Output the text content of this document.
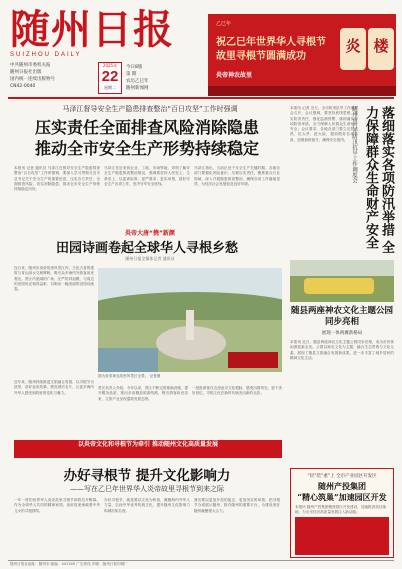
随州日报
SUIZHOU DAILY
中共随州市委机关报
随州日报社出版
国内统一连续出版物号
CN42-0040
2025年
22
星期二
今日8版
第 期
农历乙巳年
随州新闻网
乙巳年
祝乙巳年世界华人寻根节 故里寻根节圆满成功
炎帝神农故里
炎 楼
马泽江督导安全生产隐患排查整治“百日攻坚”工作时强调
压实责任全面排查风险消除隐患
推动全市安全生产形势持续稳定
本报讯 记者 通讯员 马泽江在督导安全生产隐患排查整治“百日攻坚”工作时强调，要深入学习贯彻习近平总书记关于安全生产的重要论述，压实各方责任，全面排查风险，切实消除隐患，推动全市安全生产形势持续稳定向好。
马泽江先后来到企业、工地、市场等地，详细了解安全生产隐患排查整治情况，强调要坚持人民至上、生命至上，以更高标准、更严要求、更实举措，抓好安全生产各项工作，坚决守牢安全底线。
马泽江指出，当前正处于安全生产关键时期，各地各部门要强化风险意识，压紧压实责任，聚焦重点行业领域，深入开展隐患排查整治，确保各项工作落地见效，为经济社会发展营造良好环境。
炎帝大唐“携”新颜
田园诗画卷起全球华人寻根乡愁
随州日报全媒体记者 通讯员
连日来，随州市炎帝故里风景区内，古色古香的建筑与青山绿水交相辉映，吸引众多海内外游客前来观光。景区内宽阔的广场、庄严的拜祖殿，与周边的田园风光相得益彰，勾勒出一幅美丽的田园诗画卷。
图为炎帝神农故里风景区全景。 记者摄
近年来，随州持续推进文旅融合发展，以寻根节为纽带，讲好炎帝故事，擦亮城市名片，让更多海内外华人感受到故里的变化与魅力。
景区负责人介绍，今年以来，景区不断完善基础设施，提升服务品质，推出多条精品旅游线路，吸引游客纷至沓来，文旅产业呈现蓬勃发展态势。
一批批游客在这里追寻文化根脉，感受田园风光，留下美好回忆，寻根文化在新时代焕发出新的光彩。
以炎帝文化和寻根节为牵引 推动随州文化高质量发展
办好寻根节 提升文化影响力
——写在乙巳年世界华人炎帝故里寻根节到来之际
一年一度的世界华人炎帝故里寻根节即将拉开帷幕。作为全球华人共同的精神家园，炎帝故里承载着中华儿女的寻根情结。
办好寻根节，就是要以文化为桥梁，凝聚海内外华人力量，弘扬中华优秀传统文化，提升随州文化影响力和城市知名度。
我们要以更加开放的姿态、更加务实的举措，把寻根节办成展示随州、推介随州的重要平台，为建设美好随州凝聚强大合力。
本报讯 记者 近日，全市防汛抗旱工作调度会召开，会议强调，要坚持底线思维，压实防汛责任，强化监测预警，落细落实各项防汛举措，全力保障人民群众生命财产安全。会议要求，各地各部门要立足防大汛、抗大旱、抢大险，提前做好各项准备，加强值班值守，确保安全度汛。 随州市召开防汛抗旱工作调度会	落细落实各项防汛举措 全力保障群众生命财产安全
随县两座神农文化主题公园同步亮相
展现一体两翼新格局
本报讯 近日，随县两座神农文化主题公园同步亮相，成为市民休闲游览新去处。公园以神农文化为主题，融合生态景观与文化元素，展现了随县文旅融合发展新成果，进一步丰富了城乡居民的精神文化生活。
“轻”装“重”上 全市产业园区开发区
随州产投集团
“精心筑巢”加速园区开发
本报讯 随州产投集团聚焦园区开发建设，加速推进项目落地，为全市经济高质量发展注入新动能。
随州日报社地址：随州市 邮编：441300 广告热线 印刷：随州日报印刷厂
